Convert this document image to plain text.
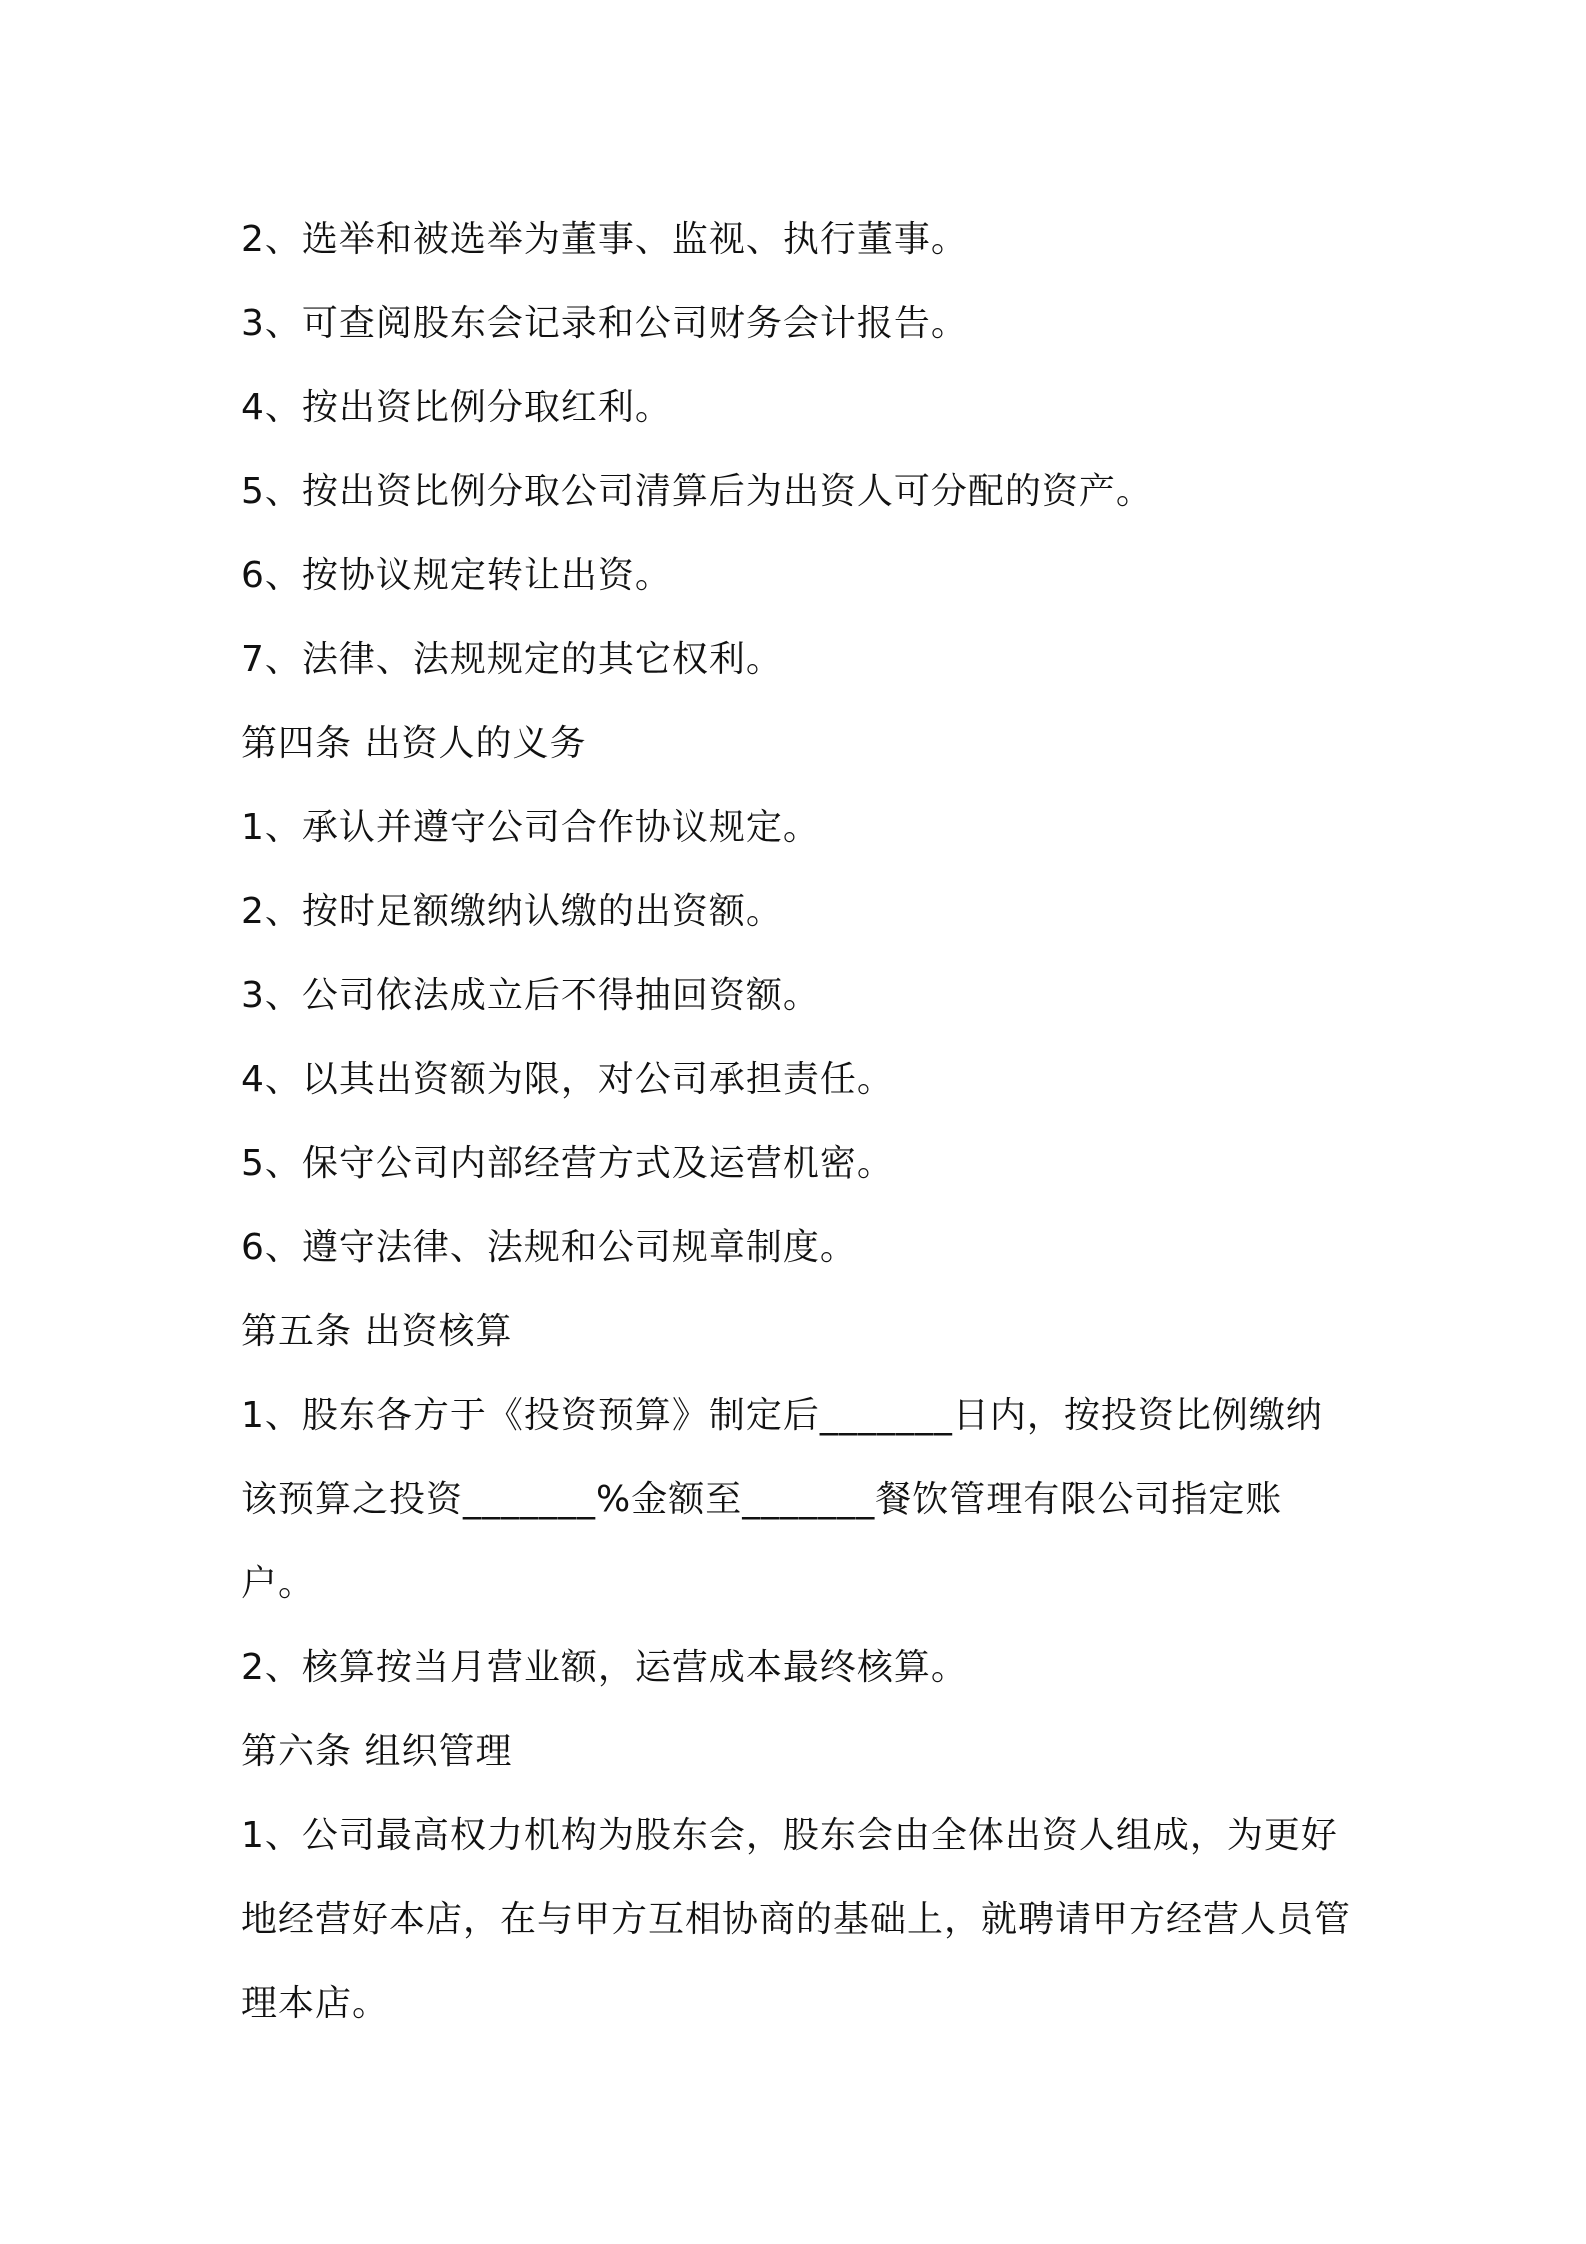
2、选举和被选举为董事、监视、执行董事。
3、可查阅股东会记录和公司财务会计报告。
4、按出资比例分取红利。
5、按出资比例分取公司清算后为出资人可分配的资产。
6、按协议规定转让出资。
7、法律、法规规定的其它权利。
第四条 出资人的义务
1、承认并遵守公司合作协议规定。
2、按时足额缴纳认缴的出资额。
3、公司依法成立后不得抽回资额。
4、以其出资额为限，对公司承担责任。
5、保守公司内部经营方式及运营机密。
6、遵守法律、法规和公司规章制度。
第五条 出资核算
1、股东各方于《投资预算》制定后_______日内，按投资比例缴纳
该预算之投资_______%金额至_______餐饮管理有限公司指定账
户。
2、核算按当月营业额，运营成本最终核算。
第六条 组织管理
1、公司最高权力机构为股东会，股东会由全体出资人组成，为更好
地经营好本店，在与甲方互相协商的基础上，就聘请甲方经营人员管
理本店。
